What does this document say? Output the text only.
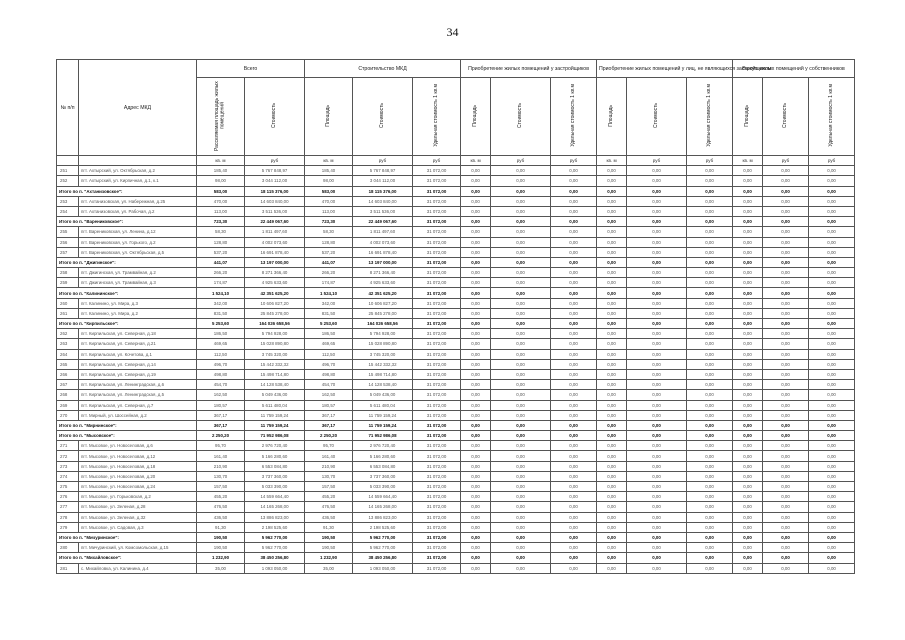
34
№ п/п	Адрес МКД	Всего		Строительство МКД			Приобретение жилых помещений у застройщиков			Приобретение жилых помещений у лиц, не являющихся застройщиком			Выкуп жилых помещений у собственников		
		Расселяемая площадь жилых помещений	Стоимость	Площадь	Стоимость	Удельная стоимость 1 кв.м	Площадь	Стоимость	Удельная стоимость 1 кв.м	Площадь	Стоимость	Удельная стоимость 1 кв.м	Площадь	Стоимость	Удельная стоимость 1 кв.м
		кв. м	руб	кв. м	руб	руб	кв. м	руб	руб	кв. м	руб	руб	кв. м	руб	руб
251	пгт. Ахтырский, ул. Октябрьская, д.2	185,40	5 767 848,97	185,40	5 767 848,97	31 072,00	0,00	0,00	0,00	0,00	0,00	0,00	0,00	0,00	0,00
252	пгт. Ахтырский, ул. Кирпичная, д.1, к.1	98,00	3 044 112,00	98,00	3 044 112,00	31 072,00	0,00	0,00	0,00	0,00	0,00	0,00	0,00	0,00	0,00
Итого по п. "Ахтанизовское":		583,00	18 115 376,00	583,00	18 115 376,00	31 072,00	0,00	0,00	0,00	0,00	0,00	0,00	0,00	0,00	0,00
253	пгт. Ахтанизовская, ул. Набережная, д.25	470,00	14 603 840,00	470,00	14 603 840,00	31 072,00	0,00	0,00	0,00	0,00	0,00	0,00	0,00	0,00	0,00
254	пгт. Ахтанизовская, ул. Рабочая, д.2	113,00	3 511 536,00	113,00	3 511 536,00	31 072,00	0,00	0,00	0,00	0,00	0,00	0,00	0,00	0,00	0,00
Итого по п. "Варениковское":		723,30	22 449 067,60	723,30	22 449 067,60	31 072,00	0,00	0,00	0,00	0,00	0,00	0,00	0,00	0,00	0,00
255	пгт. Варениковская, ул. Ленина, д.12	58,30	1 811 497,60	58,30	1 811 497,60	31 072,00	0,00	0,00	0,00	0,00	0,00	0,00	0,00	0,00	0,00
256	пгт. Варениковская, ул. Горького, д.2	128,80	4 002 073,60	128,80	4 002 073,60	31 072,00	0,00	0,00	0,00	0,00	0,00	0,00	0,00	0,00	0,00
257	пгт. Варениковская, ул. Октябрьская, д.5	537,20	16 691 878,40	537,20	16 691 878,40	31 072,00	0,00	0,00	0,00	0,00	0,00	0,00	0,00	0,00	0,00
Итого по п. "Джигинское":		441,07	13 197 000,00	441,07	13 197 000,00	31 072,00	0,00	0,00	0,00	0,00	0,00	0,00	0,00	0,00	0,00
258	пгт. Джигинская, ул. Трамвайная, д.2	266,20	8 271 366,40	266,20	8 271 366,40	31 072,00	0,00	0,00	0,00	0,00	0,00	0,00	0,00	0,00	0,00
259	пгт. Джигинская, ул. Трамвайная, д.3	174,87	4 925 633,60	174,87	4 925 633,60	31 072,00	0,00	0,00	0,00	0,00	0,00	0,00	0,00	0,00	0,00
Итого по п. "Калининское":		1 524,10	42 351 625,20	1 524,10	42 351 625,20	31 072,00	0,00	0,00	0,00	0,00	0,00	0,00	0,00	0,00	0,00
260	пгт. Калинино, ул. Мира, д.3	342,00	10 606 827,20	342,00	10 606 827,20	31 072,00	0,00	0,00	0,00	0,00	0,00	0,00	0,00	0,00	0,00
261	пгт. Калинино, ул. Мира, д.2	831,50	25 845 278,00	831,50	25 845 278,00	31 072,00	0,00	0,00	0,00	0,00	0,00	0,00	0,00	0,00	0,00
Итого по п. "Кирпильское":		5 253,60	164 026 658,56	5 253,60	164 026 658,56	31 072,00	0,00	0,00	0,00	0,00	0,00	0,00	0,00	0,00	0,00
262	пгт. Кирпильская, ул. Северная, д.18	186,50	5 794 928,00	186,50	5 794 928,00	31 072,00	0,00	0,00	0,00	0,00	0,00	0,00	0,00	0,00	0,00
263	пгт. Кирпильская, ул. Северная, д.21	469,65	15 028 890,80	469,65	15 028 890,80	31 072,00	0,00	0,00	0,00	0,00	0,00	0,00	0,00	0,00	0,00
264	пгт. Кирпильская, ул. Кочетова, д.1	112,50	3 745 320,00	112,50	3 745 320,00	31 072,00	0,00	0,00	0,00	0,00	0,00	0,00	0,00	0,00	0,00
265	пгт. Кирпильская, ул. Северная, д.14	496,70	15 442 332,32	496,70	15 442 332,32	31 072,00	0,00	0,00	0,00	0,00	0,00	0,00	0,00	0,00	0,00
266	пгт. Кирпильская, ул. Северная, д.19	498,80	15 498 714,80	498,80	15 498 714,80	31 072,00	0,00	0,00	0,00	0,00	0,00	0,00	0,00	0,00	0,00
267	пгт. Кирпильская, ул. Ленинградская, д.6	454,70	14 128 538,40	454,70	14 128 538,40	31 072,00	0,00	0,00	0,00	0,00	0,00	0,00	0,00	0,00	0,00
268	пгт. Кирпильская, ул. Ленинградская, д.5	162,50	5 049 436,00	162,50	5 049 436,00	31 072,00	0,00	0,00	0,00	0,00	0,00	0,00	0,00	0,00	0,00
269	пгт. Кирпильская, ул. Северная, д.7	180,57	5 611 480,04	180,57	5 611 480,04	31 072,00	0,00	0,00	0,00	0,00	0,00	0,00	0,00	0,00	0,00
270	пгт. Мирный, ул. Шоссейная, д.2	367,17	11 759 159,24	367,17	11 759 159,24	31 072,00	0,00	0,00	0,00	0,00	0,00	0,00	0,00	0,00	0,00
Итого по п. "Мирнинское":		367,17	11 759 159,24	367,17	11 759 159,24	31 072,00	0,00	0,00	0,00	0,00	0,00	0,00	0,00	0,00	0,00
Итого по п. "Мысовское":		2 250,20	71 952 986,08	2 250,20	71 952 986,08	31 072,00	0,00	0,00	0,00	0,00	0,00	0,00	0,00	0,00	0,00
271	пгт. Мысовое, ул. Новоселовая, д.6	95,70	2 976 720,40	95,70	2 976 720,40	31 072,00	0,00	0,00	0,00	0,00	0,00	0,00	0,00	0,00	0,00
272	пгт. Мысовое, ул. Новоселовая, д.12	161,40	5 166 280,60	161,40	5 166 280,60	31 072,00	0,00	0,00	0,00	0,00	0,00	0,00	0,00	0,00	0,00
273	пгт. Мысовое, ул. Новоселовая, д.18	210,90	6 553 084,80	210,90	6 553 084,80	31 072,00	0,00	0,00	0,00	0,00	0,00	0,00	0,00	0,00	0,00
274	пгт. Мысовое, ул. Новоселовая, д.20	130,70	3 737 360,00	130,70	3 737 360,00	31 072,00	0,00	0,00	0,00	0,00	0,00	0,00	0,00	0,00	0,00
275	пгт. Мысовое, ул. Новоселовая, д.24	157,50	5 033 390,00	157,50	5 033 390,00	31 072,00	0,00	0,00	0,00	0,00	0,00	0,00	0,00	0,00	0,00
276	пгт. Мысовое, ул. Горьковская, д.2	455,20	14 559 664,40	455,20	14 559 664,40	31 072,00	0,00	0,00	0,00	0,00	0,00	0,00	0,00	0,00	0,00
277	пгт. Мысовое, ул. Зеленая, д.28	476,50	14 165 268,00	476,50	14 165 268,00	31 072,00	0,00	0,00	0,00	0,00	0,00	0,00	0,00	0,00	0,00
278	пгт. Мысовое, ул. Зеленая, д.32	436,50	13 886 823,00	436,50	13 886 823,00	31 072,00	0,00	0,00	0,00	0,00	0,00	0,00	0,00	0,00	0,00
279	пгт. Мысовое, ул. Садовая, д.3	91,30	2 198 525,60	91,30	2 198 525,60	31 072,00	0,00	0,00	0,00	0,00	0,00	0,00	0,00	0,00	0,00
Итого по п. "Мичуринское":		190,50	5 962 770,00	190,50	5 962 770,00	31 072,00	0,00	0,00	0,00	0,00	0,00	0,00	0,00	0,00	0,00
280	пгт. Мичуринский, ул. Комсомольская, д.15	190,50	5 962 770,00	190,50	5 962 770,00	31 072,00	0,00	0,00	0,00	0,00	0,00	0,00	0,00	0,00	0,00
Итого по п. "Михайловское":		1 232,90	38 450 256,80	1 232,90	38 450 256,80	31 072,00	0,00	0,00	0,00	0,00	0,00	0,00	0,00	0,00	0,00
281	с. Михайловка, ул. Калинина, д.4	35,00	1 093 050,00	35,00	1 093 050,00	31 072,00	0,00	0,00	0,00	0,00	0,00	0,00	0,00	0,00	0,00
